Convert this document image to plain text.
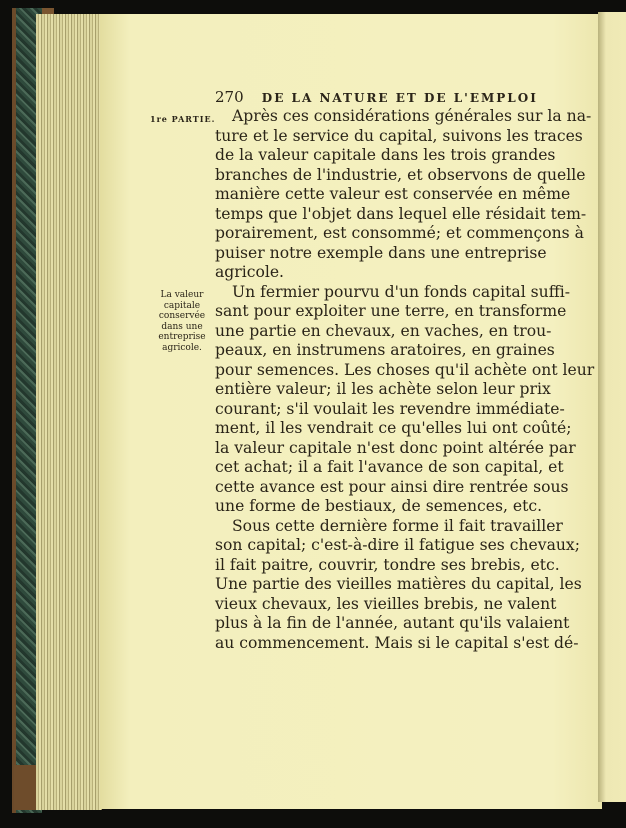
270 DE LA NATURE ET DE L'EMPLOI
1re PARTIE.
La valeur
capitale
conservée
dans une
entreprise
agricole.
Après ces considérations générales sur la na-
ture et le service du capital, suivons les traces
de la valeur capitale dans les trois grandes
branches de l'industrie, et observons de quelle
manière cette valeur est conservée en même
temps que l'objet dans lequel elle résidait tem-
porairement, est consommé; et commençons à
puiser notre exemple dans une entreprise
agricole.
Un fermier pourvu d'un fonds capital suffi-
sant pour exploiter une terre, en transforme
une partie en chevaux, en vaches, en trou-
peaux, en instrumens aratoires, en graines
pour semences. Les choses qu'il achète ont leur
entière valeur; il les achète selon leur prix
courant; s'il voulait les revendre immédiate-
ment, il les vendrait ce qu'elles lui ont coûté;
la valeur capitale n'est donc point altérée par
cet achat; il a fait l'avance de son capital, et
cette avance est pour ainsi dire rentrée sous
une forme de bestiaux, de semences, etc.
Sous cette dernière forme il fait travailler
son capital; c'est-à-dire il fatigue ses chevaux;
il fait paitre, couvrir, tondre ses brebis, etc.
Une partie des vieilles matières du capital, les
vieux chevaux, les vieilles brebis, ne valent
plus à la fin de l'année, autant qu'ils valaient
au commencement. Mais si le capital s'est dé-
